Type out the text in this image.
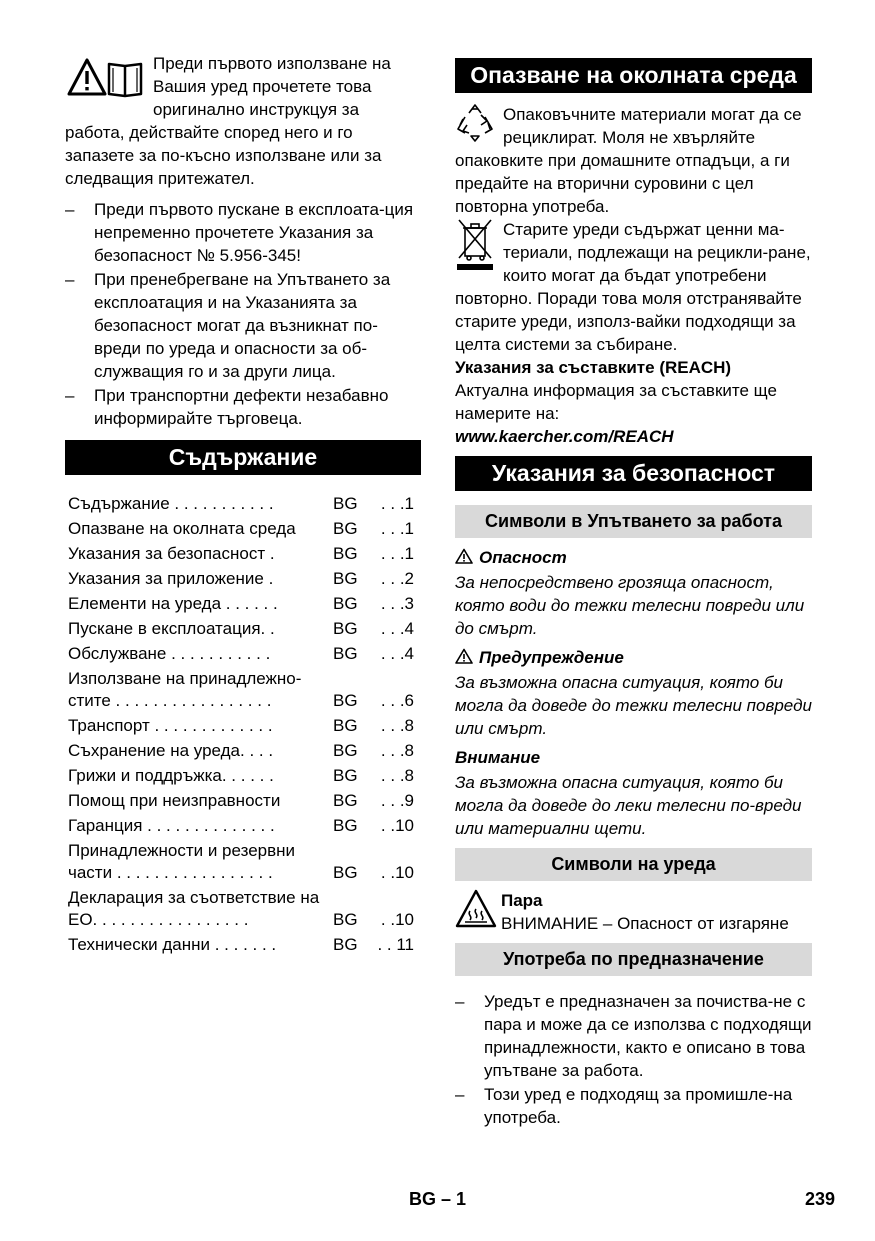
Преди първото използване на Вашия уред прочетете това оригинално инструкцуя за работа, действайте според него и го запазете за по-късно използване или за следващия притежател.

– Преди първото пускане в експлоата-ция непременно прочетете Указания за безопасност № 5.956-345!
– При пренебрегване на Упътването за експлоатация и на Указанията за безопасност могат да възникнат по-вреди по уреда и опасности за об-служващия го и за други лица.
– При транспортни дефекти незабавно информирайте търговеца.
Съдържание
Съдържание . . . . . . . . . . .	BG	. . .1
Опазване на околната среда	BG	. . .1
Указания за безопасност .	BG	. . .1
Указания за приложение .	BG	. . .2
Елементи на уреда . . . . . .	BG	. . .3
Пускане в експлоатация. .	BG	. . .4
Обслужване . . . . . . . . . . .	BG	. . .4
Използване на принадлежно-стите . . . . . . . . . . . . . . . . .	BG	. . .6
Транспорт . . . . . . . . . . . . .	BG	. . .8
Съхранение на уреда. . . .	BG	. . .8
Грижи и поддръжка. . . . . .	BG	. . .8
Помощ при неизправности	BG	. . .9
Гаранция . . . . . . . . . . . . . .	BG	. .10
Принадлежности и резервни части . . . . . . . . . . . . . . . . .	BG	. .10
Декларация за съответствие на ЕО. . . . . . . . . . . . . . . . .	BG	. .10
Технически данни . . . . . . .	BG	. . 11
Опазване на околната среда

Опаковъчните материали могат да се рециклират. Моля не хвърляйте опаковките при домашните отпадъци, а ги предайте на вторични суровини с цел повторна употреба.

Старите уреди съдържат ценни ма-териали, подлежащи на рецикли-ране, които могат да бъдат употребени повторно. Поради това моля отстранявайте старите уреди, използ-вайки подходящи за целта системи за събиране.

Указания за съставките (REACH)

Актуална информация за съставките ще намерите на:

www.kaercher.com/REACH

Указания за безопасност
Символи в Упътването за работа

Опасност

За непосредствено грозяща опасност, която води до тежки телесни повреди или до смърт.

Предупреждение

За възможна опасна ситуация, която би могла да доведе до тежки телесни повреди или смърт.

Внимание

За възможна опасна ситуация, която би могла да доведе до леки телесни по-вреди или материални щети.

Символи на уреда

Пара

ВНИМАНИЕ – Опасност от изгаряне

Употреба по предназначение
– Уредът е предназначен за почиства-не с пара и може да се използва с подходящи принадлежности, както е описано в това упътване за работа.
– Този уред е подходящ за промишле-на употреба.
BG – 1	239
